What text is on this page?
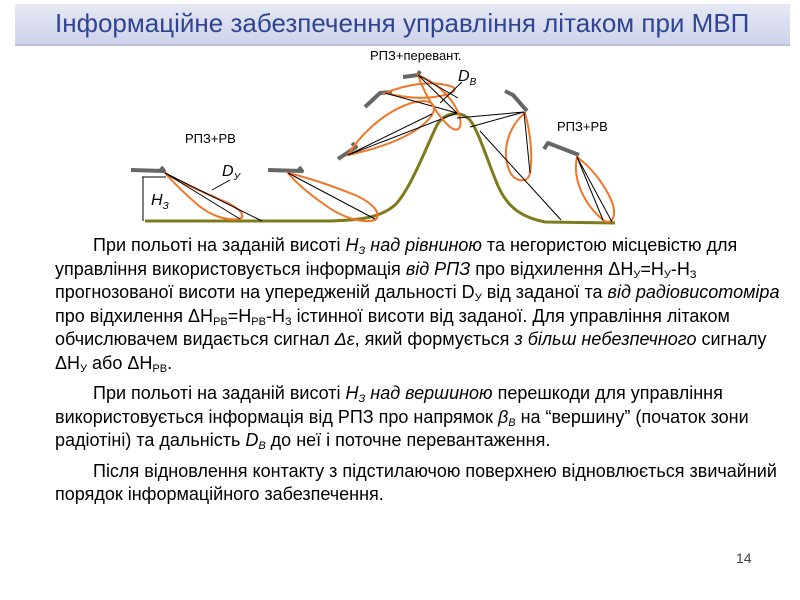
Інформаційне забезпечення управління літаком при МВП
РПЗ+РВ
РПЗ+перевант.
РПЗ+РВ
$D_В$
$D_У$
$H_З$

При польоті на заданій висоті $H_З$ над рівниною та негористою місцевістю для управління використовується інформація від РПЗ про відхилення $\Delta H_У=H_У-H_З$ прогнозованої висоти на упередженій дальності $D_У$ від заданої та від радіовисотоміра про відхилення $\Delta H_{РВ}=H_{РВ}-H_З$ істинної висоти від заданої. Для управління літаком обчислювачем видається сигнал Δε, який формується з більш небезпечного сигналу $\Delta H_У$ або $\Delta H_{РВ}$.

При польоті на заданій висоті $H_З$ над вершиною перешкоди для управління використовується інформація від РПЗ про напрямок $\beta_В$ на “вершину” (початок зони радіотіні) та дальність $D_В$ до неї і поточне перевантаження.

Після відновлення контакту з підстилаючою поверхнею відновлюється звичайний порядок інформаційного забезпечення.

14
